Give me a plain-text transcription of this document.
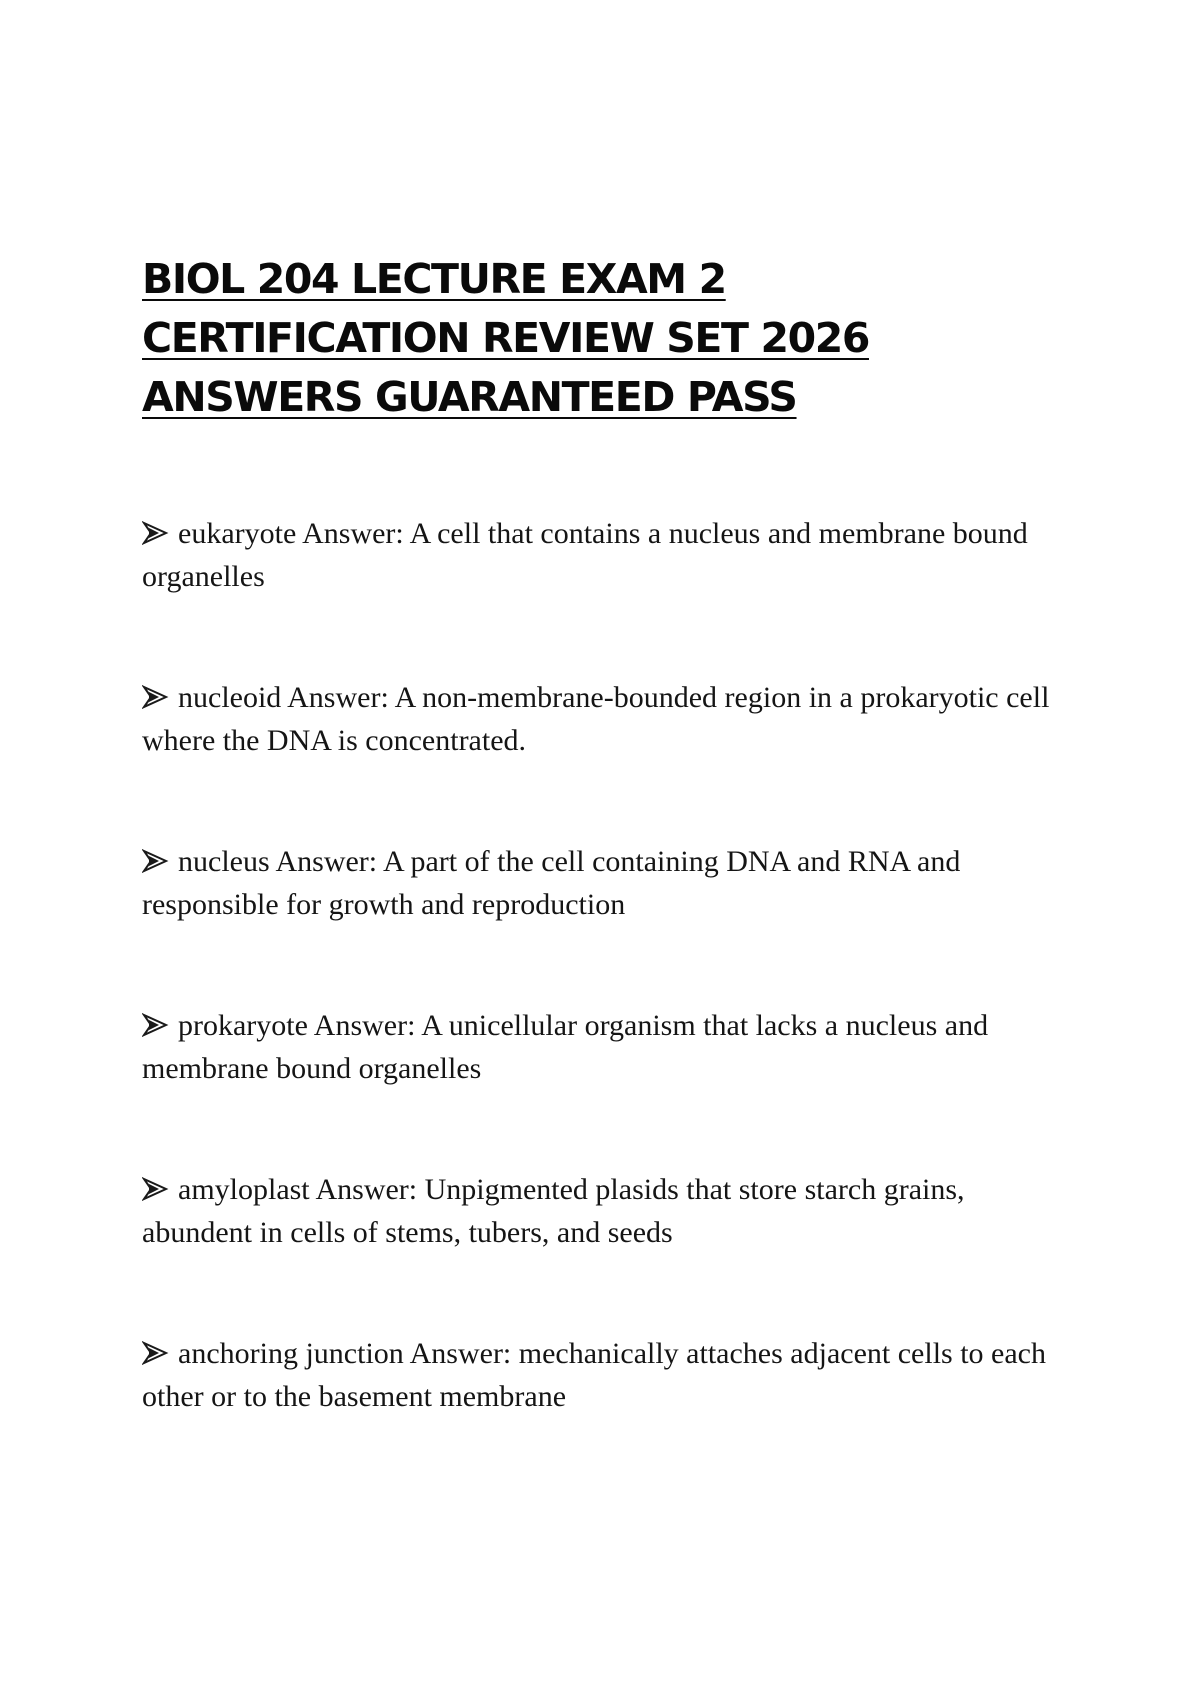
BIOL 204 LECTURE EXAM 2
CERTIFICATION REVIEW SET 2026
ANSWERS GUARANTEED PASS
eukaryote Answer: A cell that contains a nucleus and membrane bound organelles
nucleoid Answer: A non-membrane-bounded region in a prokaryotic cell where the DNA is concentrated.
nucleus Answer: A part of the cell containing DNA and RNA and responsible for growth and reproduction
prokaryote Answer: A unicellular organism that lacks a nucleus and membrane bound organelles
amyloplast Answer: Unpigmented plasids that store starch grains, abundent in cells of stems, tubers, and seeds
anchoring junction Answer: mechanically attaches adjacent cells to each other or to the basement membrane
